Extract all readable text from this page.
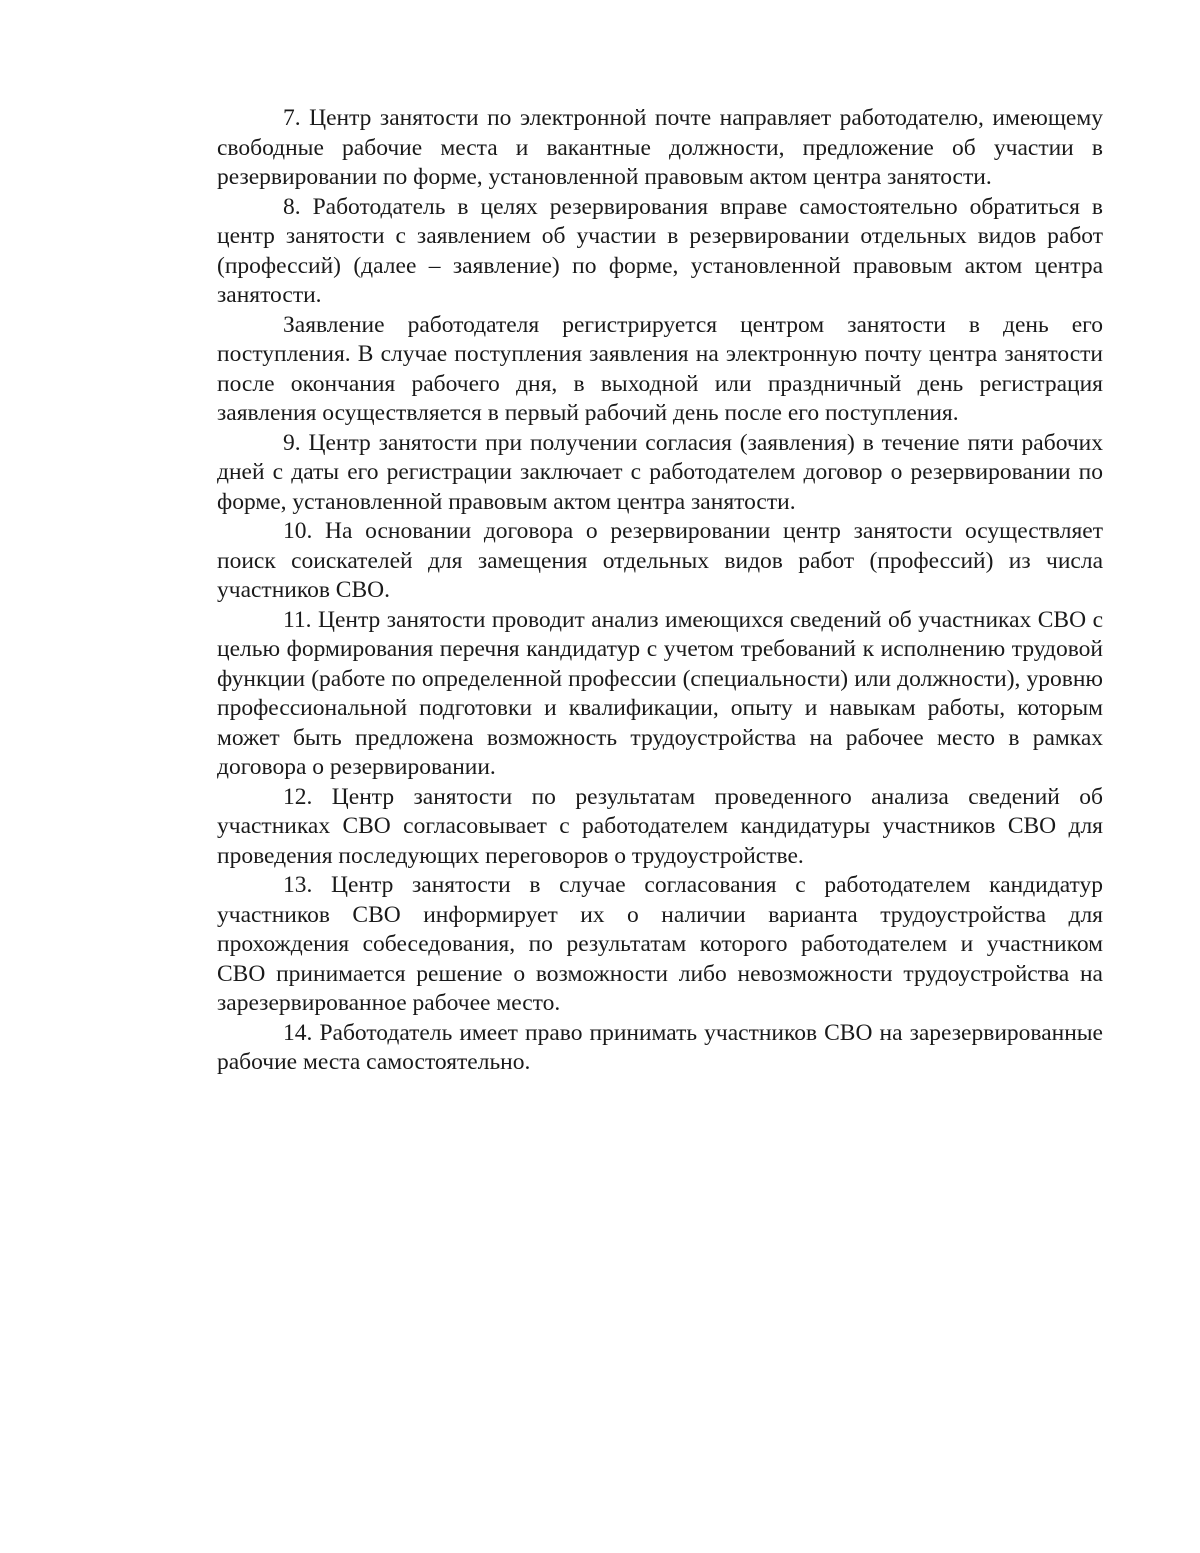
7. Центр занятости по электронной почте направляет работодателю, имеющему свободные рабочие места и вакантные должности, предложение об участии в резервировании по форме, установленной правовым актом центра занятости.

8. Работодатель в целях резервирования вправе самостоятельно обратиться в центр занятости с заявлением об участии в резервировании отдельных видов работ (профессий) (далее – заявление) по форме, установленной правовым актом центра занятости.

Заявление работодателя регистрируется центром занятости в день его поступления. В случае поступления заявления на электронную почту центра занятости после окончания рабочего дня, в выходной или праздничный день регистрация заявления осуществляется в первый рабочий день после его поступления.

9. Центр занятости при получении согласия (заявления) в течение пяти рабочих дней с даты его регистрации заключает с работодателем договор о резервировании по форме, установленной правовым актом центра занятости.

10. На основании договора о резервировании центр занятости осуществляет поиск соискателей для замещения отдельных видов работ (профессий) из числа участников СВО.

11. Центр занятости проводит анализ имеющихся сведений об участниках СВО с целью формирования перечня кандидатур с учетом требований к исполнению трудовой функции (работе по определенной профессии (специальности) или должности), уровню профессиональной подготовки и квалификации, опыту и навыкам работы, которым может быть предложена возможность трудоустройства на рабочее место в рамках договора о резервировании.

12. Центр занятости по результатам проведенного анализа сведений об участниках СВО согласовывает с работодателем кандидатуры участников СВО для проведения последующих переговоров о трудоустройстве.

13. Центр занятости в случае согласования с работодателем кандидатур участников СВО информирует их о наличии варианта трудоустройства для прохождения собеседования, по результатам которого работодателем и участником СВО принимается решение о возможности либо невозможности трудоустройства на зарезервированное рабочее место.

14. Работодатель имеет право принимать участников СВО на зарезервированные рабочие места самостоятельно.
